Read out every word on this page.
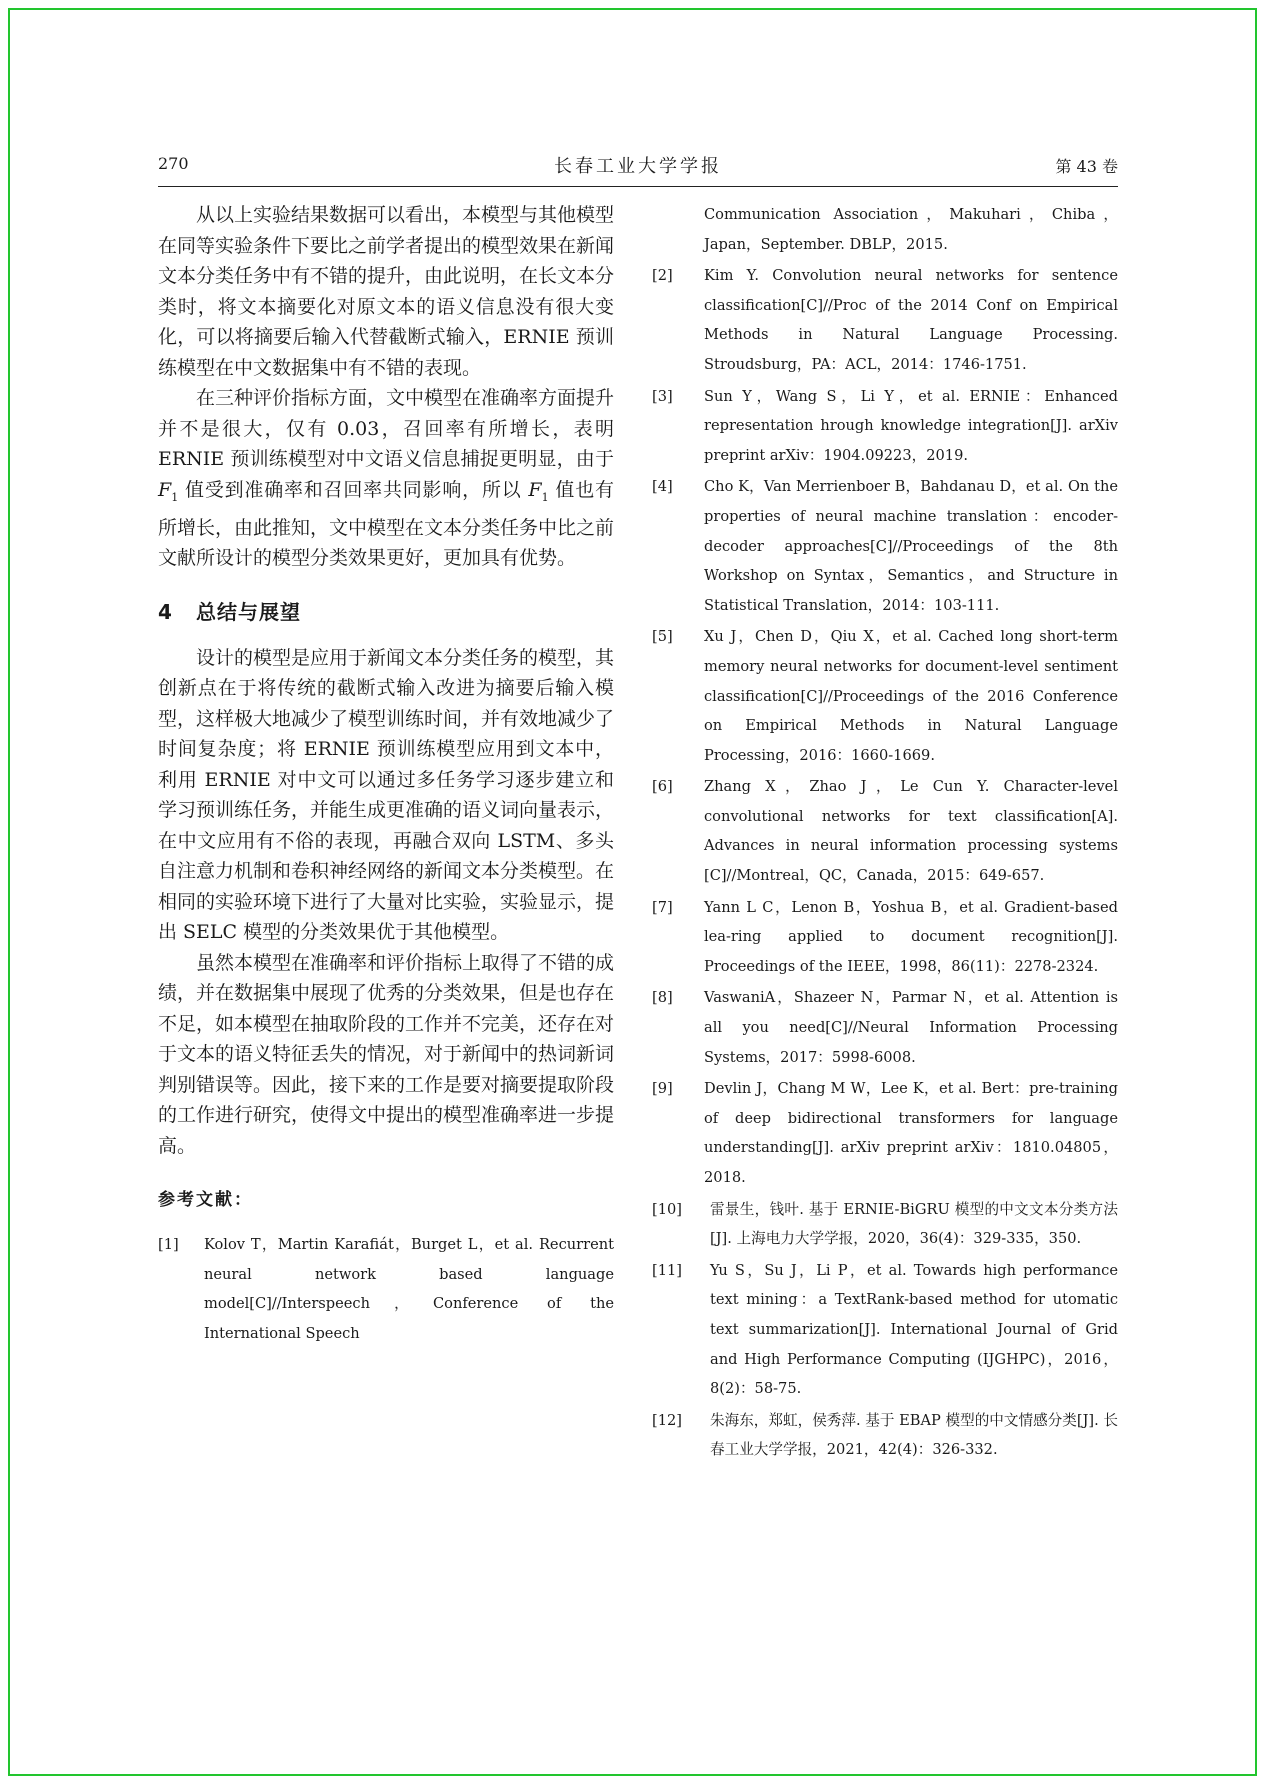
270	长春工业大学学报	第 43 卷

从以上实验结果数据可以看出，本模型与其他模型在同等实验条件下要比之前学者提出的模型效果在新闻文本分类任务中有不错的提升，由此说明，在长文本分类时，将文本摘要化对原文本的语义信息没有很大变化，可以将摘要后输入代替截断式输入，ERNIE 预训练模型在中文数据集中有不错的表现。

在三种评价指标方面，文中模型在准确率方面提升并不是很大，仅有 0.03，召回率有所增长，表明 ERNIE 预训练模型对中文语义信息捕捉更明显，由于 $F_1$ 值受到准确率和召回率共同影响，所以 $F_1$ 值也有所增长，由此推知，文中模型在文本分类任务中比之前文献所设计的模型分类效果更好，更加具有优势。

4 总结与展望

设计的模型是应用于新闻文本分类任务的模型，其创新点在于将传统的截断式输入改进为摘要后输入模型，这样极大地减少了模型训练时间，并有效地减少了时间复杂度；将 ERNIE 预训练模型应用到文本中，利用 ERNIE 对中文可以通过多任务学习逐步建立和学习预训练任务，并能生成更准确的语义词向量表示，在中文应用有不俗的表现，再融合双向 LSTM、多头自注意力机制和卷积神经网络的新闻文本分类模型。在相同的实验环境下进行了大量对比实验，实验显示，提出 SELC 模型的分类效果优于其他模型。

虽然本模型在准确率和评价指标上取得了不错的成绩，并在数据集中展现了优秀的分类效果，但是也存在不足，如本模型在抽取阶段的工作并不完美，还存在对于文本的语义特征丢失的情况，对于新闻中的热词新词判别错误等。因此，接下来的工作是要对摘要提取阶段的工作进行研究，使得文中提出的模型准确率进一步提高。

参考文献：
[1] Kolov T，Martin Karafiát，Burget L，et al. Recurrent neural network based language model[C]//Interspeech，Conference of the International Speech
Communication Association，Makuhari，Chiba，Japan，September. DBLP，2015.
[2] Kim Y. Convolution neural networks for sentence classification[C]//Proc of the 2014 Conf on Empirical Methods in Natural Language Processing. Stroudsburg，PA：ACL，2014：1746-1751.
[3] Sun Y，Wang S，Li Y，et al. ERNIE：Enhanced representation hrough knowledge integration[J]. arXiv preprint arXiv：1904.09223，2019.
[4] Cho K，Van Merrienboer B，Bahdanau D，et al. On the properties of neural machine translation：encoder-decoder approaches[C]//Proceedings of the 8th Workshop on Syntax，Semantics，and Structure in Statistical Translation，2014：103-111.
[5] Xu J，Chen D，Qiu X，et al. Cached long short-term memory neural networks for document-level sentiment classification[C]//Proceedings of the 2016 Conference on Empirical Methods in Natural Language Processing，2016：1660-1669.
[6] Zhang X，Zhao J，Le Cun Y. Character-level convolutional networks for text classification[A]. Advances in neural information processing systems [C]//Montreal，QC，Canada，2015：649-657.
[7] Yann L C，Lenon B，Yoshua B，et al. Gradient-based lea-ring applied to document recognition[J]. Proceedings of the IEEE，1998，86(11)：2278-2324.
[8] VaswaniA，Shazeer N，Parmar N，et al. Attention is all you need[C]//Neural Information Processing Systems，2017：5998-6008.
[9] Devlin J，Chang M W，Lee K，et al. Bert：pre-training of deep bidirectional transformers for language understanding[J]. arXiv preprint arXiv：1810.04805，2018.
[10] 雷景生，钱叶. 基于 ERNIE-BiGRU 模型的中文文本分类方法[J]. 上海电力大学学报，2020，36(4)：329-335，350.
[11] Yu S，Su J，Li P，et al. Towards high performance text mining：a TextRank-based method for utomatic text summarization[J]. International Journal of Grid and High Performance Computing (IJGHPC)，2016，8(2)：58-75.
[12] 朱海东，郑虹，侯秀萍. 基于 EBAP 模型的中文情感分类[J]. 长春工业大学学报，2021，42(4)：326-332.
